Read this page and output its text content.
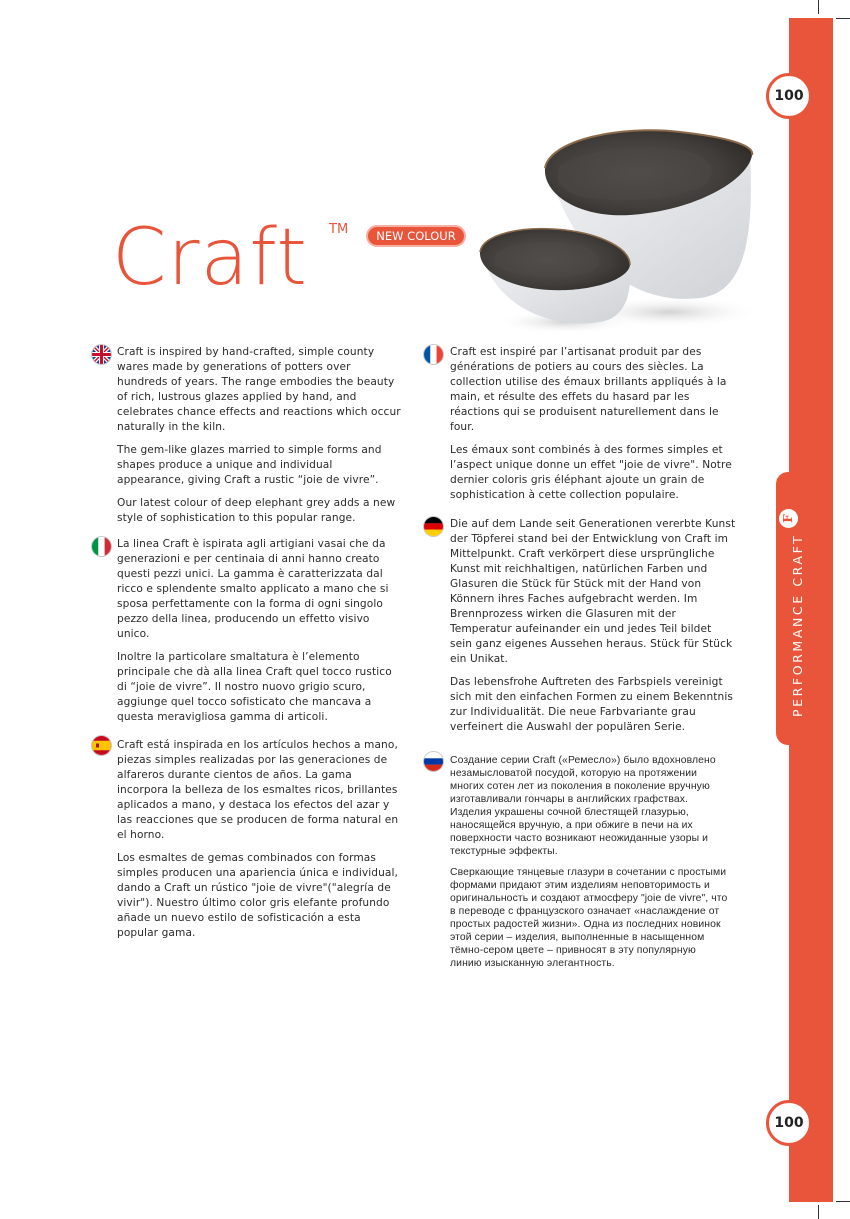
100
100
PERFORMANCE CRAFT
F
Craft TM	NEW COLOUR

Craft is inspired by hand-crafted, simple county wares made by generations of potters over hundreds of years. The range embodies the beauty of rich, lustrous glazes applied by hand, and celebrates chance effects and reactions which occur naturally in the kiln.

The gem-like glazes married to simple forms and shapes produce a unique and individual appearance, giving Craft a rustic “joie de vivre”.

Our latest colour of deep elephant grey adds a new style of sophistication to this popular range.

La linea Craft è ispirata agli artigiani vasai che da generazioni e per centinaia di anni hanno creato questi pezzi unici. La gamma è caratterizzata dal ricco e splendente smalto applicato a mano che si sposa perfettamente con la forma di ogni singolo pezzo della linea, producendo un effetto visivo unico.

Inoltre la particolare smaltatura è l’elemento principale che dà alla linea Craft quel tocco rustico di “joie de vivre”. Il nostro nuovo grigio scuro, aggiunge quel tocco sofisticato che mancava a questa meravigliosa gamma di articoli.

Craft está inspirada en los artículos hechos a mano, piezas simples realizadas por las generaciones de alfareros durante cientos de años. La gama incorpora la belleza de los esmaltes ricos, brillantes aplicados a mano, y destaca los efectos del azar y las reacciones que se producen de forma natural en el horno.

Los esmaltes de gemas combinados con formas simples producen una apariencia única e individual, dando a Craft un rústico "joie de vivre"("alegría de vivir"). Nuestro último color gris elefante profundo añade un nuevo estilo de sofisticación a esta popular gama.

Craft est inspiré par l’artisanat produit par des générations de potiers au cours des siècles. La collection utilise des émaux brillants appliqués à la main, et résulte des effets du hasard par les réactions qui se produisent naturellement dans le four.

Les émaux sont combinés à des formes simples et l’aspect unique donne un effet "joie de vivre". Notre dernier coloris gris éléphant ajoute un grain de sophistication à cette collection populaire.

Die auf dem Lande seit Generationen vererbte Kunst der Töpferei stand bei der Entwicklung von Craft im Mittelpunkt. Craft verkörpert diese ursprüngliche Kunst mit reichhaltigen, natürlichen Farben und Glasuren die Stück für Stück mit der Hand von Könnern ihres Faches aufgebracht werden. Im Brennprozess wirken die Glasuren mit der Temperatur aufeinander ein und jedes Teil bildet sein ganz eigenes Aussehen heraus. Stück für Stück ein Unikat.

Das lebensfrohe Auftreten des Farbspiels vereinigt sich mit den einfachen Formen zu einem Bekenntnis zur Individualität. Die neue Farbvariante grau verfeinert die Auswahl der populären Serie.

Создание серии Craft («Ремесло») было вдохновлено незамысловатой посудой, которую на протяжении многих сотен лет из поколения в поколение вручную изготавливали гончары в английских графствах. Изделия украшены сочной блестящей глазурью, наносящейся вручную, а при обжиге в печи на их поверхности часто возникают неожиданные узоры и текстурные эффекты.

Сверкающие тянцевые глазури в сочетании с простыми формами придают этим изделиям неповторимость и оригинальность и создают атмосферу "joie de vivre", что в переводе с французского означает «наслаждение от простых радостей жизни». Одна из последних новинок этой серии – изделия, выполненные в насыщенном тёмно-сером цвете – привносят в эту популярную линию изысканную элегантность.
